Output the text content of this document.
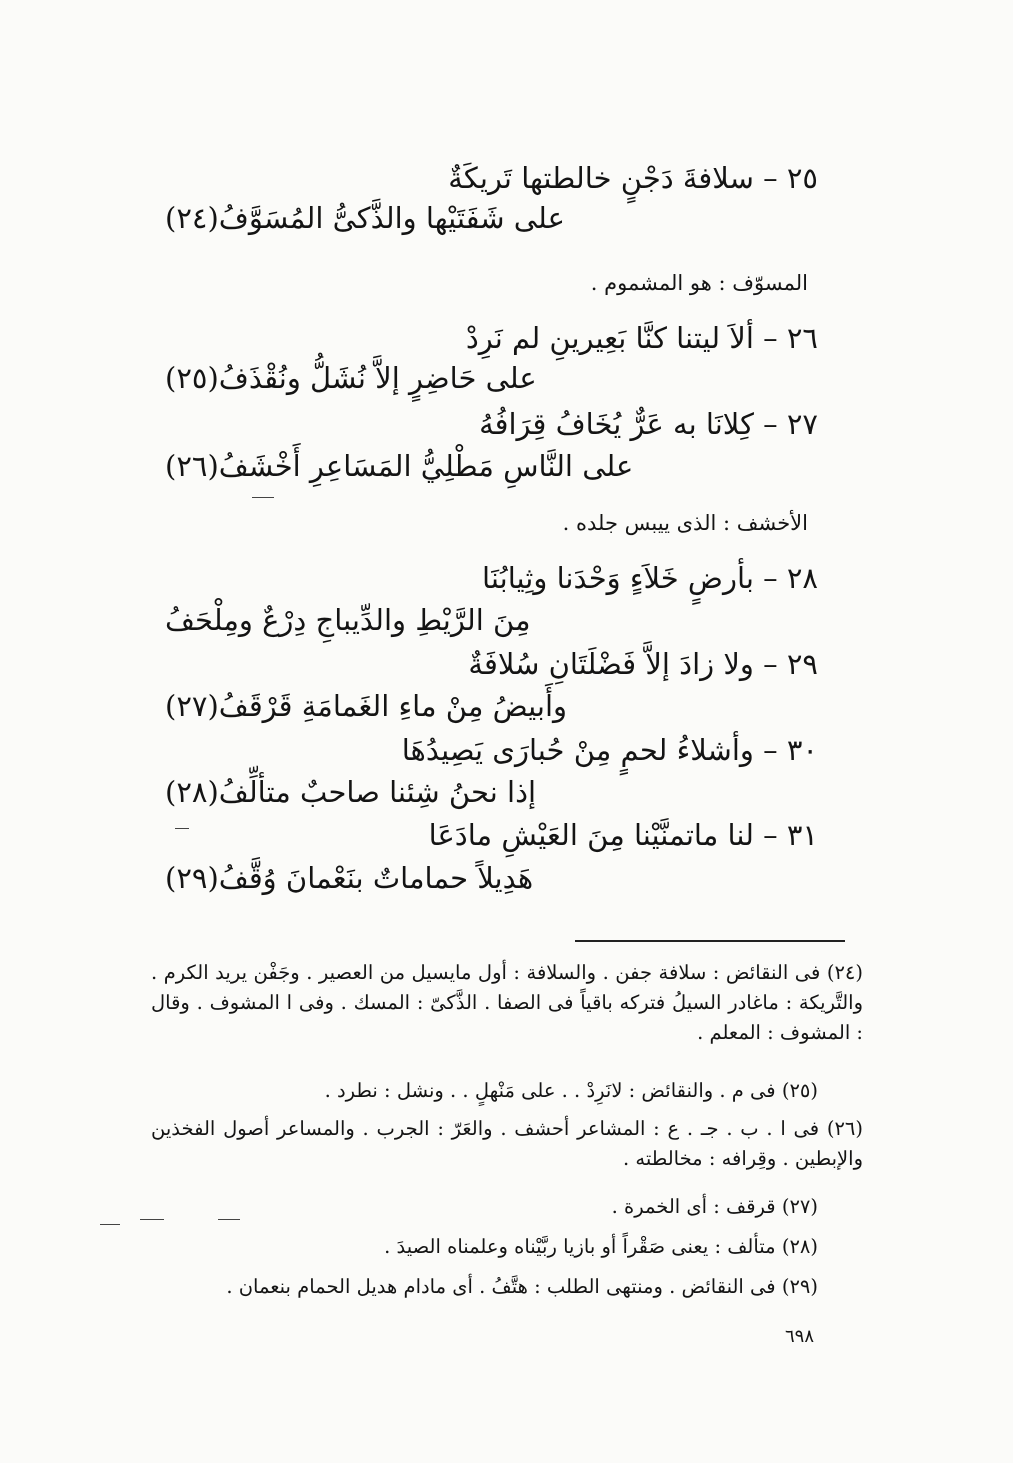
٢٥ – سلافةَ دَجْنٍ خالطتها تَريكَةٌ
على شَفَتَيْها والذَّكىُّ المُسَوَّفُ(٢٤)
المسوّف : هو المشموم .
٢٦ – ألاَ ليتنا كنَّا بَعِيرينِ لم نَرِدْ
على حَاضِرٍ إلاَّ نُشَلُّ ونُقْذَفُ(٢٥)
٢٧ – كِلانَا به عَرٌّ يُخَافُ قِرَافُهُ
على النَّاسِ مَطْلِيُّ المَسَاعِرِ أَخْشَفُ(٢٦)
الأخشف : الذى ييبس جلده .
٢٨ – بأرضٍ خَلاَءٍ وَحْدَنا وثِيابُنَا
مِنَ الرَّيْطِ والدِّيباجِ دِرْعٌ ومِلْحَفُ
٢٩ – ولا زادَ إلاَّ فَضْلَتَانِ سُلافَةٌ
وأَبيضُ مِنْ ماءِ الغَمامَةِ قَرْقَفُ(٢٧)
٣٠ – وأشلاءُ لحمٍ مِنْ حُبارَى يَصِيدُهَا
إذا نحنُ شِئنا صاحبٌ متألِّفُ(٢٨)
٣١ – لنا ماتمنَّيْنا مِنَ العَيْشِ مادَعَا
هَدِيلاً حماماتٌ بنَعْمانَ وُقَّفُ(٢٩)
(٢٤) فى النقائض : سلافة جفن . والسلافة : أول مايسيل من العصير . وجَفْن يريد الكرم . والتَّريكة : ماغادر السيلُ فتركه باقياً فى الصفا . الذَّكىّ : المسك . وفى ا المشوف . وقال : المشوف : المعلم .
(٢٥) فى م . والنقائض : لانَرِدْ . . على مَنْهلٍ . . ونشل : نطرد .
(٢٦) فى ا . ب . جـ . ع : المشاعر أحشف . والعَرّ : الجرب . والمساعر أصول الفخذين والإبطين . وقِرافه : مخالطته .
(٢٧) قرقف : أى الخمرة .
(٢٨) متألف : يعنى صَقْراً أو بازيا ربَّيْناه وعلمناه الصيدَ .
(٢٩) فى النقائض . ومنتهى الطلب : هتَّفُ . أى مادام هديل الحمام بنعمان .
٦٩٨
